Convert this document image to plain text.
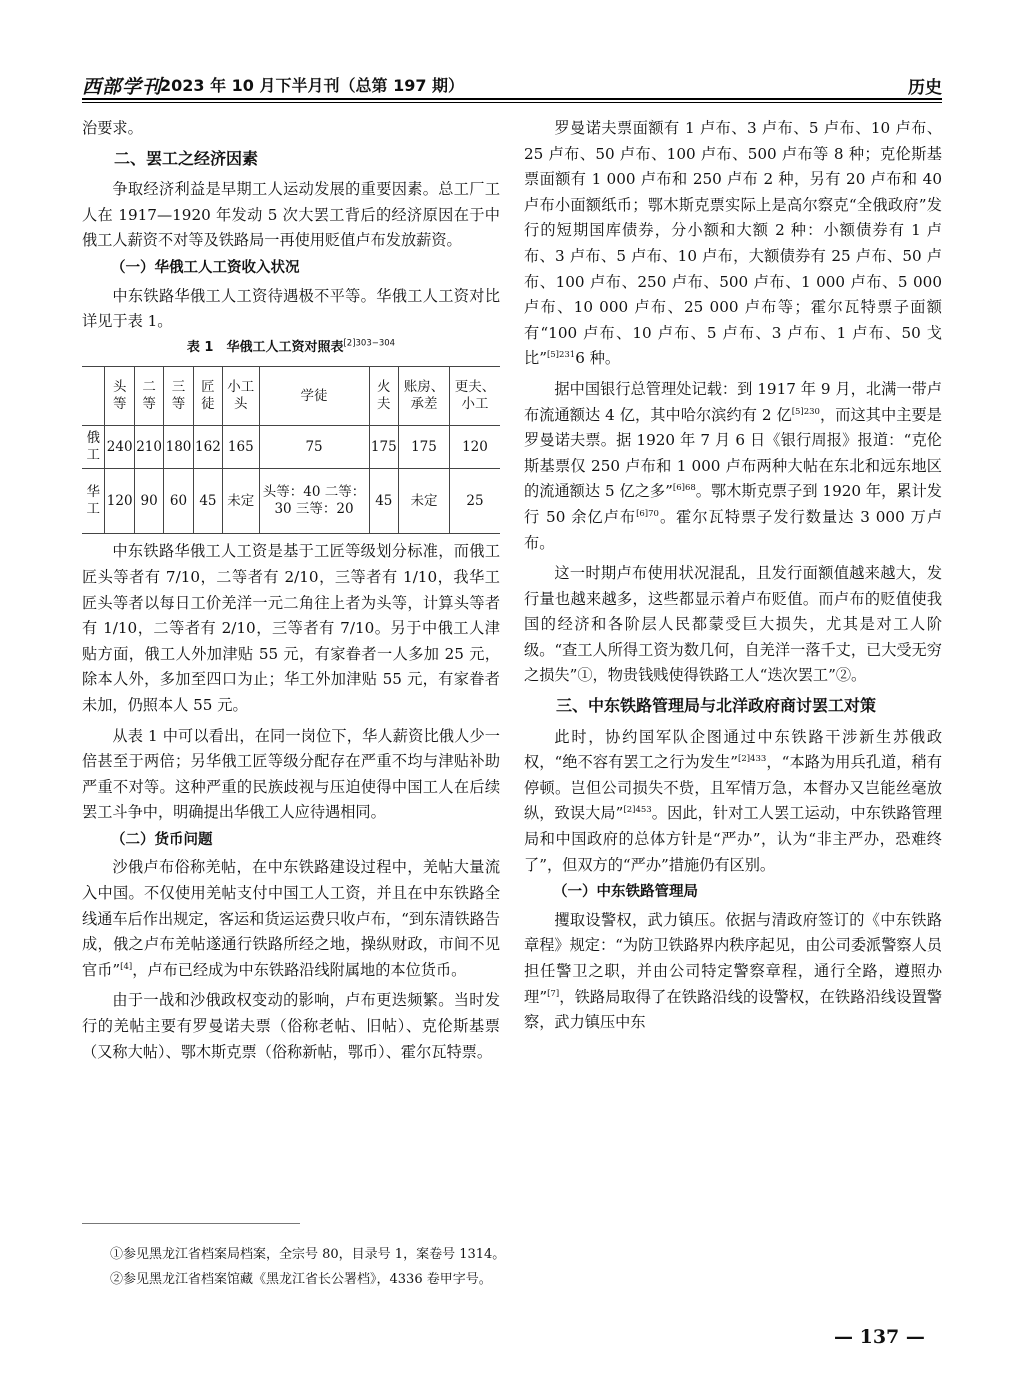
西部学刊
2023 年 10 月下半月刊（总第 197 期）	历史

治要求。

二、罢工之经济因素

争取经济利益是早期工人运动发展的重要因素。总工厂工人在 1917—1920 年发动 5 次大罢工背后的经济原因在于中俄工人薪资不对等及铁路局一再使用贬值卢布发放薪资。

（一）华俄工人工资收入状况

中东铁路华俄工人工资待遇极不平等。华俄工人工资对比详见于表 1。

表 1　华俄工人工资对照表$^{[2]303-304}$
	头等	二等	三等	匠徒	小工头	学徒	火夫	账房、承差	更夫、小工
俄工	240	210	180	162	165	75	175	175	120
华工	120	90	60	45	未定	头等：40 二等：30 三等：20	45	未定	25

中东铁路华俄工人工资是基于工匠等级划分标准，而俄工匠头等者有 7/10，二等者有 2/10，三等者有 1/10，我华工匠头等者以每日工价羌洋一元二角往上者为头等，计算头等者有 1/10，二等者有 2/10，三等者有 7/10。另于中俄工人津贴方面，俄工人外加津贴 55 元，有家眷者一人多加 25 元，除本人外，多加至四口为止；华工外加津贴 55 元，有家眷者未加，仍照本人 55 元。

从表 1 中可以看出，在同一岗位下，华人薪资比俄人少一倍甚至于两倍；另华俄工匠等级分配存在严重不均与津贴补助严重不对等。这种严重的民族歧视与压迫使得中国工人在后续罢工斗争中，明确提出华俄工人应待遇相同。

（二）货币问题

沙俄卢布俗称羌帖，在中东铁路建设过程中，羌帖大量流入中国。不仅使用羌帖支付中国工人工资，并且在中东铁路全线通车后作出规定，客运和货运运费只收卢布，“到东清铁路告成，俄之卢布羌帖遂通行铁路所经之地，操纵财政，市间不见官币”[4]，卢布已经成为中东铁路沿线附属地的本位货币。

由于一战和沙俄政权变动的影响，卢布更迭频繁。当时发行的羌帖主要有罗曼诺夫票（俗称老帖、旧帖）、克伦斯基票（又称大帖）、鄂木斯克票（俗称新帖，鄂币）、霍尔瓦特票。

罗曼诺夫票面额有 1 卢布、3 卢布、5 卢布、10 卢布、25 卢布、50 卢布、100 卢布、500 卢布等 8 种；克伦斯基票面额有 1 000 卢布和 250 卢布 2 种，另有 20 卢布和 40 卢布小面额纸币；鄂木斯克票实际上是高尔察克“全俄政府”发行的短期国库债券，分小额和大额 2 种：小额债券有 1 卢布、3 卢布、5 卢布、10 卢布，大额债券有 25 卢布、50 卢布、100 卢布、250 卢布、500 卢布、1 000 卢布、5 000 卢布、10 000 卢布、25 000 卢布等；霍尔瓦特票子面额有“100 卢布、10 卢布、5 卢布、3 卢布、1 卢布、50 戈比”$^{[5]231}$6 种。

据中国银行总管理处记载：到 1917 年 9 月，北满一带卢布流通额达 4 亿，其中哈尔滨约有 2 亿$^{[5]230}$，而这其中主要是罗曼诺夫票。据 1920 年 7 月 6 日《银行周报》报道：“克伦斯基票仅 250 卢布和 1 000 卢布两种大帖在东北和远东地区的流通额达 5 亿之多”$^{[6]68}$。鄂木斯克票子到 1920 年，累计发行 50 余亿卢布$^{[6]70}$。霍尔瓦特票子发行数量达 3 000 万卢布。

这一时期卢布使用状况混乱，且发行面额值越来越大，发行量也越来越多，这些都显示着卢布贬值。而卢布的贬值使我国的经济和各阶层人民都蒙受巨大损失，尤其是对工人阶级。“查工人所得工资为数几何，自羌洋一落千丈，已大受无穷之损失”①，物贵钱贱使得铁路工人“迭次罢工”②。

三、中东铁路管理局与北洋政府商讨罢工对策

此时，协约国军队企图通过中东铁路干涉新生苏俄政权，“绝不容有罢工之行为发生”$^{[2]433}$，“本路为用兵孔道，稍有停顿。岂但公司损失不赀，且军情万急，本督办又岂能丝毫放纵，致误大局”$^{[2]453}$。因此，针对工人罢工运动，中东铁路管理局和中国政府的总体方针是“严办”，认为“非主严办，恐难终了”，但双方的“严办”措施仍有区别。

（一）中东铁路管理局

攫取设警权，武力镇压。依据与清政府签订的《中东铁路章程》规定：“为防卫铁路界内秩序起见，由公司委派警察人员担任警卫之职，并由公司特定警察章程，通行全路，遵照办理”[7]，铁路局取得了在铁路沿线的设警权，在铁路沿线设置警察，武力镇压中东

①参见黑龙江省档案局档案，全宗号 80，目录号 1，案卷号 1314。
②参见黑龙江省档案馆藏《黑龙江省长公署档》，4336 卷甲字号。
— 137 —
